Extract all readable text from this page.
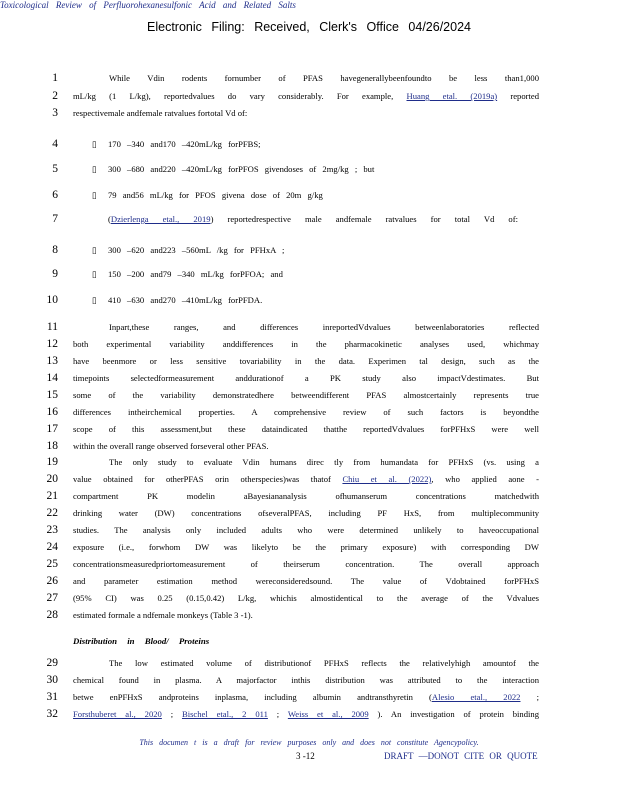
Electronic Filing: Received, Clerk's Office 04/26/2024
Toxicological Review of Perfluorohexanesulfonic Acid and Related Salts
1	While Vdin rodents fornumber of PFAS havegenerallybeenfoundto be less than1,000
2 mL/kg (1 L/kg), reportedvalues do vary considerably. For example, Huang etal. (2019a) reported
3 respectivemale andfemale ratvalues fortotal Vd of:
4	▯ 170 –340 and170 –420mL/kg forPFBS;
5	▯ 300 –680 and220 –420mL/kg forPFOS givendoses of 2mg/kg ; but
6	▯ 79 and56 mL/kg for PFOS givena dose of 20m g/kg
7	(Dzierlenga etal., 2019) reportedrespective male andfemale ratvalues for total Vd of:
8	▯ 300 –620 and223 –560mL /kg for PFHxA ;
9	▯ 150 –200 and79 –340 mL/kg forPFOA; and
10	▯ 410 –630 and270 –410mL/kg forPFDA.
11	Inpart,these ranges, and differences inreportedVdvalues betweenlaboratories reflected
12 both experimental variability anddifferences in the pharmacokinetic analyses used, whichmay
13 have beenmore or less sensitive tovariability in the data. Experimen tal design, such as the
14 timepoints selectedformeasurement anddurationof a PK study also impactVdestimates. But
15 some of the variability demonstratedhere betweendifferent PFAS almostcertainly represents true
16 differences intheirchemical properties. A comprehensive review of such factors is beyondthe
17 scope of this assessment,but these dataindicated thatthe reportedVdvalues forPFHxS were well
18 within the overall range observed forseveral other PFAS.
19	The only study to evaluate Vdin humans direc tly from humandata for PFHxS (vs. using a
20 value obtained for otherPFAS orin otherspecies)was thatof Chiu et al. (2022), who applied aone -
21 compartment PK modelin aBayesiananalysis ofhumanserum concentrations matchedwith
22 drinking water (DW) concentrations ofseveralPFAS, including PF HxS, from multiplecommunity
23 studies. The analysis only included adults who were determined unlikely to haveoccupational
24 exposure (i.e., forwhom DW was likelyto be the primary exposure) with corresponding DW
25 concentrationsmeasuredpriortomeasurement of theirserum concentration. The overall approach
26 and parameter estimation method wereconsideredsound. The value of Vdobtained forPFHxS
27 (95% CI) was 0.25 (0.15,0.42) L/kg, whichis almostidentical to the average of the Vdvalues
28 estimated formale a ndfemale monkeys (Table 3 -1).
29	The low estimated volume of distributionof PFHxS reflects the relativelyhigh amountof the
30 chemical found in plasma. A majorfactor inthis distribution was attributed to the interaction
31 betwe enPFHxS andproteins inplasma, including albumin andtransthyretin (Alesio etal., 2022 ;
32 Forsthuberet al., 2020 ; Bischel etal., 2 011 ; Weiss et al., 2009 ). An investigation of protein binding
Distribution in Blood/ Proteins
This documen t is a draft for review purposes only and does not constitute Agencypolicy.
3 -12	DRAFT —DONOT CITE OR QUOTE
